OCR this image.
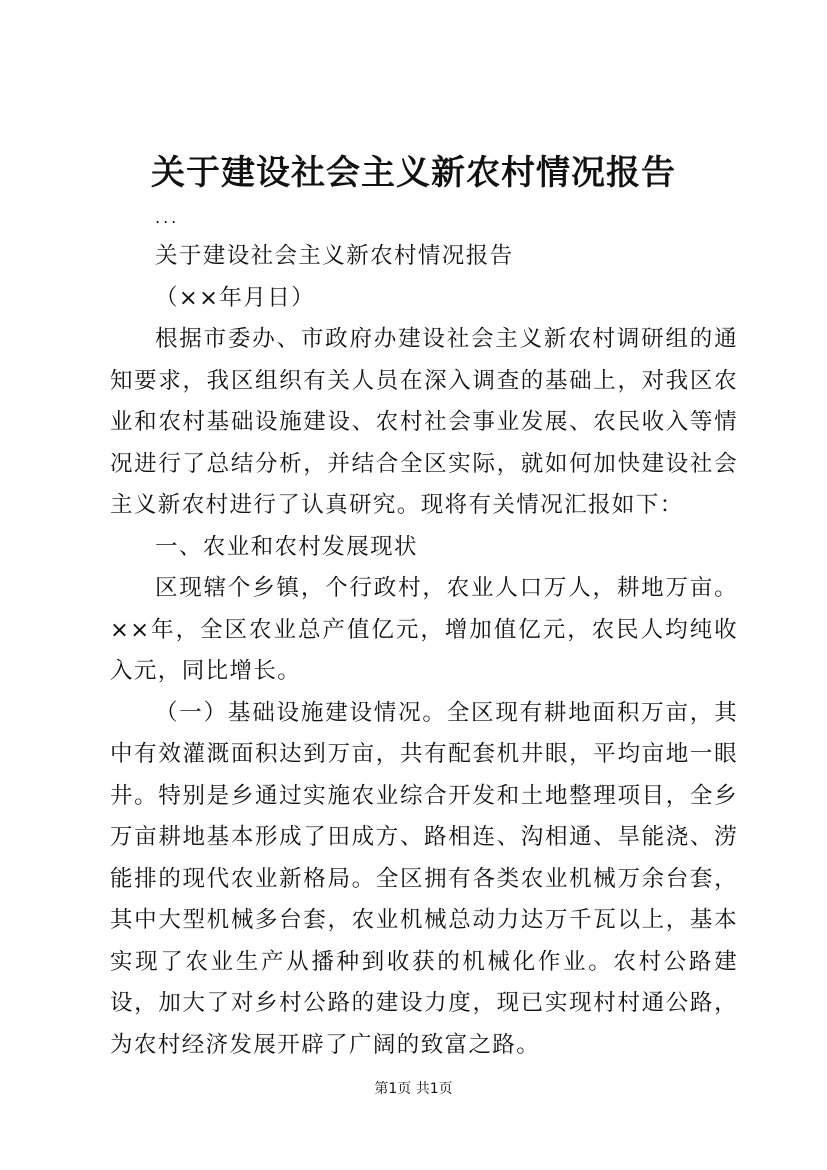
关于建设社会主义新农村情况报告
...

关于建设社会主义新农村情况报告

（××年月日）

根据市委办、市政府办建设社会主义新农村调研组的通知要求，我区组织有关人员在深入调查的基础上，对我区农业和农村基础设施建设、农村社会事业发展、农民收入等情况进行了总结分析，并结合全区实际，就如何加快建设社会主义新农村进行了认真研究。现将有关情况汇报如下：

一、农业和农村发展现状

区现辖个乡镇，个行政村，农业人口万人，耕地万亩。××年，全区农业总产值亿元，增加值亿元，农民人均纯收入元，同比增长。

（一）基础设施建设情况。全区现有耕地面积万亩，其中有效灌溉面积达到万亩，共有配套机井眼，平均亩地一眼井。特别是乡通过实施农业综合开发和土地整理项目，全乡万亩耕地基本形成了田成方、路相连、沟相通、旱能浇、涝能排的现代农业新格局。全区拥有各类农业机械万余台套，其中大型机械多台套，农业机械总动力达万千瓦以上，基本实现了农业生产从播种到收获的机械化作业。农村公路建设，加大了对乡村公路的建设力度，现已实现村村通公路，为农村经济发展开辟了广阔的致富之路。

第1页 共1页
